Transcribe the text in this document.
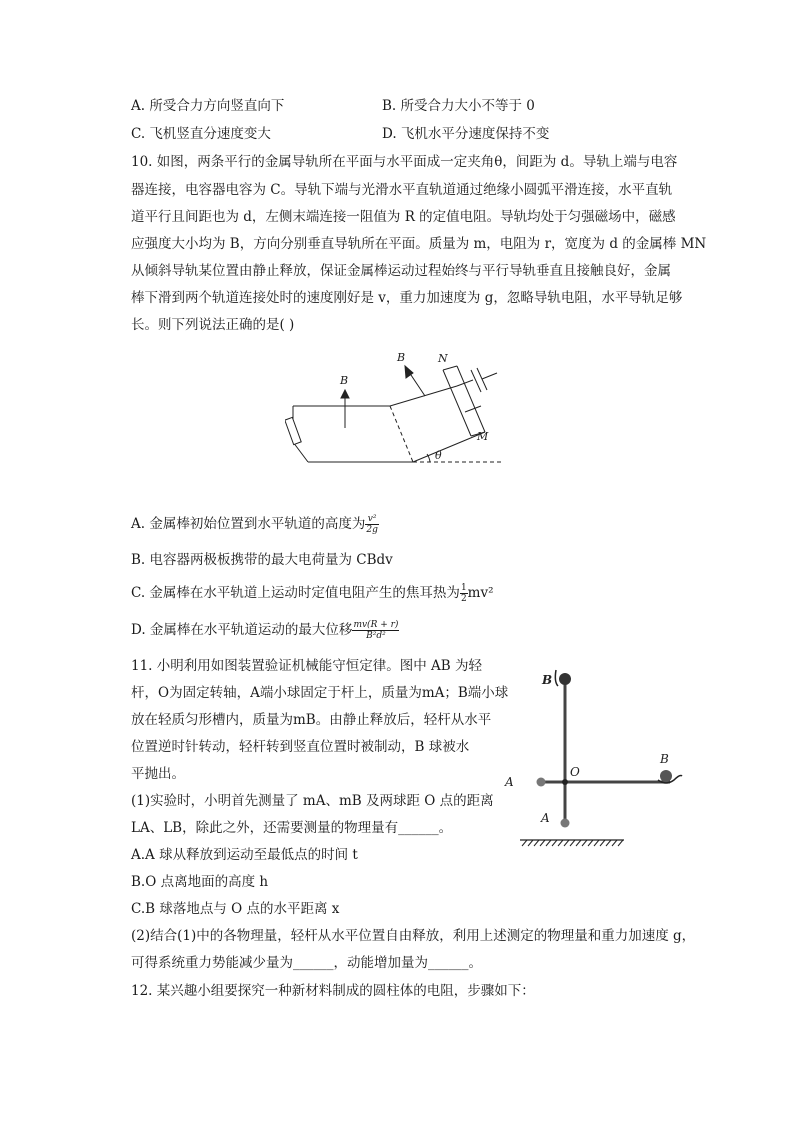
A. 所受合力方向竖直向下	B. 所受合力大小不等于 0
C. 飞机竖直分速度变大	D. 飞机水平分速度保持不变
10. 如图，两条平行的金属导轨所在平面与水平面成一定夹角θ，间距为 d。导轨上端与电容
器连接，电容器电容为 C。导轨下端与光滑水平直轨道通过绝缘小圆弧平滑连接，水平直轨
道平行且间距也为 d，左侧末端连接一阻值为 R 的定值电阻。导轨均处于匀强磁场中，磁感
应强度大小均为 B，方向分别垂直导轨所在平面。质量为 m，电阻为 r，宽度为 d 的金属棒 MN
从倾斜导轨某位置由静止释放，保证金属棒运动过程始终与平行导轨垂直且接触良好，金属
棒下滑到两个轨道连接处时的速度刚好是 v，重力加速度为 g，忽略导轨电阻，水平导轨足够
长。则下列说法正确的是( )
B
B	N
M
θ
A. 金属棒初始位置到水平轨道的高度为 $\frac{\text{v²}}{2g}$
B. 电容器两极板携带的最大电荷量为 CBdv
C. 金属棒在水平轨道上运动时定值电阻产生的焦耳热为 $\frac{1}{2} mv^2$
D. 金属棒在水平轨道运动的最大位移 $\frac{mv(R + r)}{\text{B²d²}}$
11. 小明利用如图装置验证机械能守恒定律。图中 AB 为轻
杆，O为固定转轴，A端小球固定于杆上，质量为mA；B端小球
放在轻质匀形槽内，质量为mB。由静止释放后，轻杆从水平
位置逆时针转动，轻杆转到竖直位置时被制动，B 球被水
平抛出。
(1)实验时，小明首先测量了 mA、mB 及两球距 O 点的距离
LA、LB，除此之外，还需要测量的物理量有______。
A.A 球从释放到运动至最低点的时间 t
B.O 点离地面的高度 h
C.B 球落地点与 O 点的水平距离 x
(2)结合(1)中的各物理量，轻杆从水平位置自由释放，利用上述测定的物理量和重力加速度 g，
可得系统重力势能减少量为______，动能增加量为______。
B
B
A
A
O
12. 某兴趣小组要探究一种新材料制成的圆柱体的电阻，步骤如下：
